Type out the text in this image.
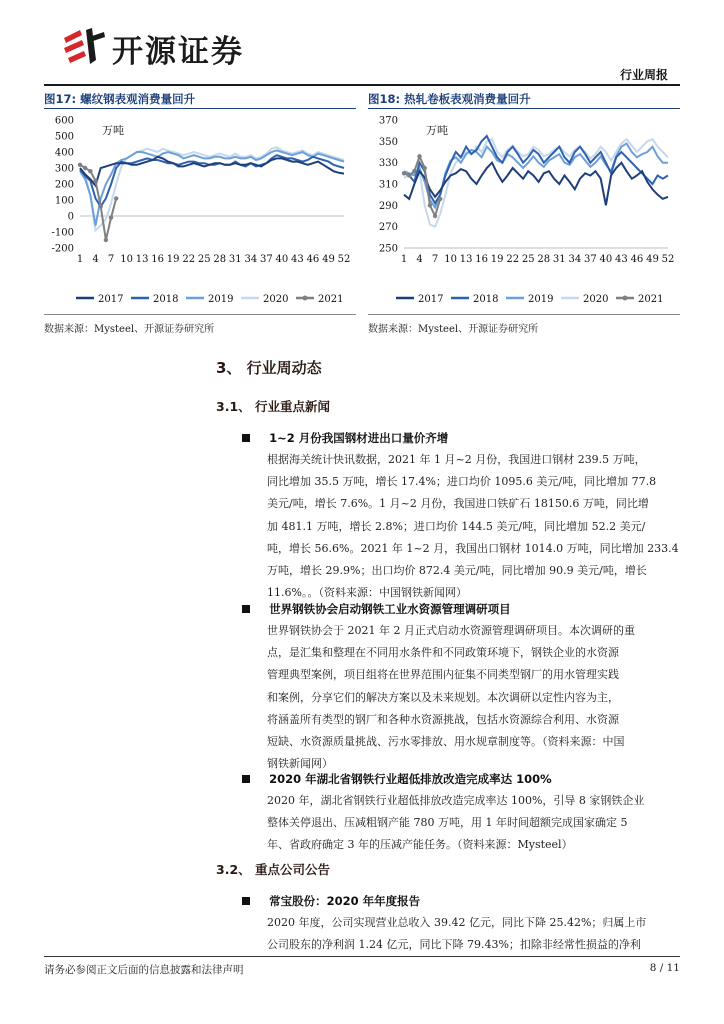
开源证券
行业周报
图17: 螺纹钢表观消费量回升
600
500
400
300
200
100
0
-100
-200
1 4 7 10 13 16 19 22 25 28 31 34 37 40 43 46 49 52
万吨
2017	2018	2019	2020	2021
数据来源：Mysteel、开源证券研究所
图18: 热轧卷板表观消费量回升
370
350
330
310
290
270
250
1 4 7 10 13 16 19 22 25 28 31 34 37 40 43 46 49 52
万吨
2017	2018	2019	2020	2021
数据来源：Mysteel、开源证券研究所
3、 行业周动态
3.1、 行业重点新闻
1~2 月份我国钢材进出口量价齐增
根据海关统计快讯数据，2021 年 1 月~2 月份，我国进口钢材 239.5 万吨，
同比增加 35.5 万吨，增长 17.4%；进口均价 1095.6 美元/吨，同比增加 77.8
美元/吨，增长 7.6%。1 月~2 月份，我国进口铁矿石 18150.6 万吨，同比增
加 481.1 万吨，增长 2.8%；进口均价 144.5 美元/吨，同比增加 52.2 美元/
吨，增长 56.6%。2021 年 1~2 月，我国出口钢材 1014.0 万吨，同比增加 233.4
万吨，增长 29.9%；出口均价 872.4 美元/吨，同比增加 90.9 美元/吨，增长
11.6%。。（资料来源：中国钢铁新闻网）
世界钢铁协会启动钢铁工业水资源管理调研项目
世界钢铁协会于 2021 年 2 月正式启动水资源管理调研项目。本次调研的重
点，是汇集和整理在不同用水条件和不同政策环境下，钢铁企业的水资源
管理典型案例，项目组将在世界范围内征集不同类型钢厂的用水管理实践
和案例，分享它们的解决方案以及未来规划。本次调研以定性内容为主，
将涵盖所有类型的钢厂和各种水资源挑战，包括水资源综合利用、水资源
短缺、水资源质量挑战、污水零排放、用水规章制度等。（资料来源：中国
钢铁新闻网）
2020 年湖北省钢铁行业超低排放改造完成率达 100%
2020 年，湖北省钢铁行业超低排放改造完成率达 100%，引导 8 家钢铁企业
整体关停退出、压减粗钢产能 780 万吨，用 1 年时间超额完成国家确定 5
年、省政府确定 3 年的压减产能任务。（资料来源：Mysteel）
3.2、 重点公司公告
常宝股份：2020 年年度报告
2020 年度，公司实现营业总收入 39.42 亿元，同比下降 25.42%；归属上市
公司股东的净利润 1.24 亿元，同比下降 79.43%；扣除非经常性损益的净利
请务必参阅正文后面的信息披露和法律声明	8 / 11
